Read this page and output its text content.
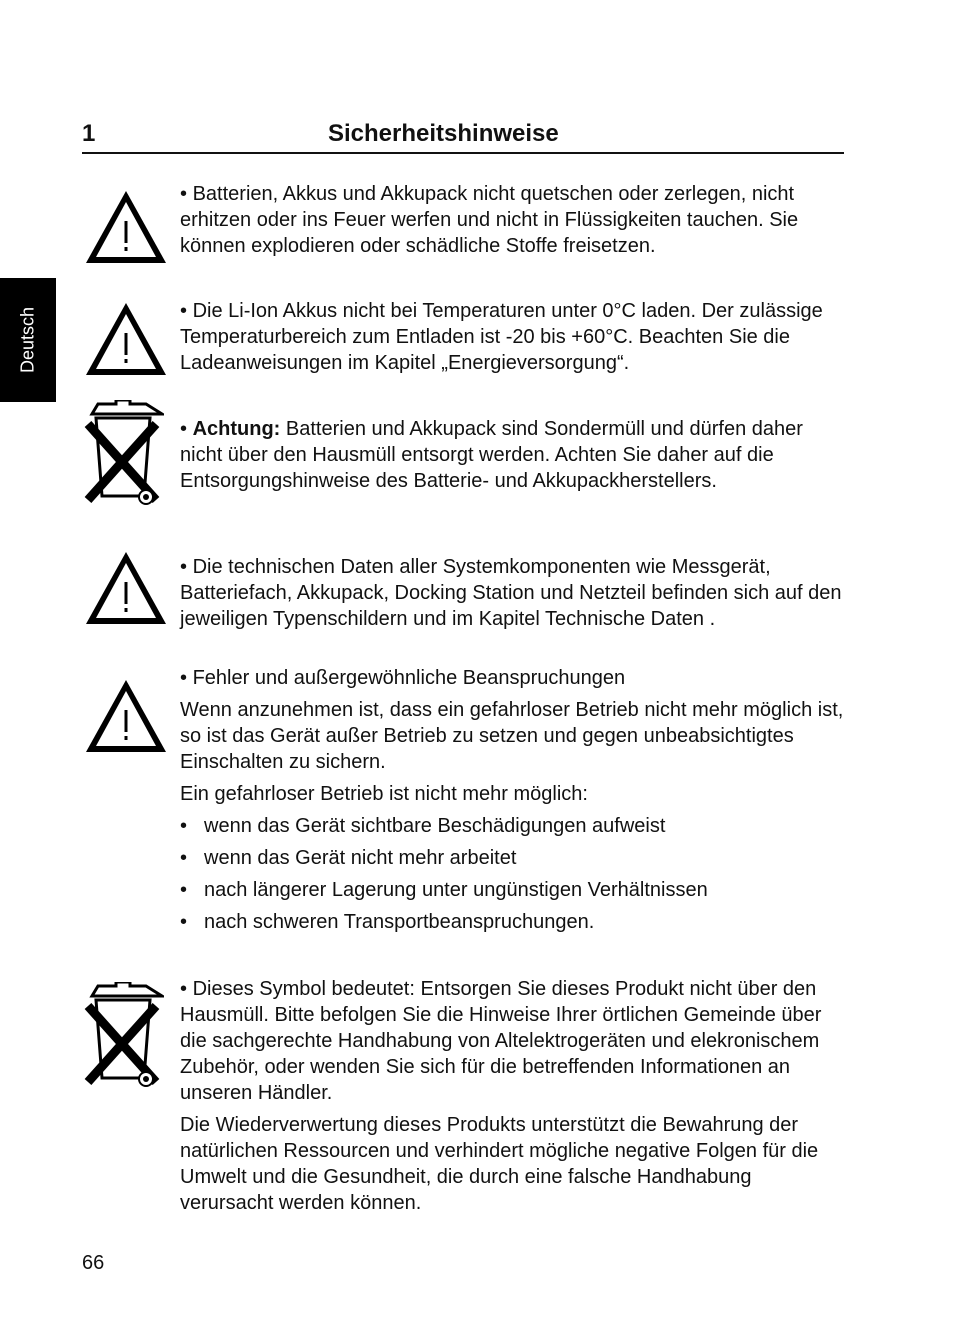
1	Sicherheitshinweise
Deutsch

• Batterien, Akkus und Akkupack nicht quetschen oder zerlegen, nicht erhitzen oder ins Feuer werfen und nicht in Flüssigkeiten tauchen. Sie können explodieren oder schädliche Stoffe freisetzen.

• Die Li-Ion Akkus nicht bei Temperaturen unter 0°C laden. Der zulässige Temperaturbereich zum Entladen ist -20 bis +60°C. Beachten Sie die Ladeanweisungen im Kapitel „Energieversorgung“.

• Achtung: Batterien und Akkupack sind Sondermüll und dürfen daher nicht über den Hausmüll entsorgt werden. Achten Sie daher auf die Entsorgungshinweise des Batterie- und Akkupackherstellers.

• Die technischen Daten aller Systemkomponenten wie Messgerät, Batteriefach, Akkupack, Docking Station und Netzteil befinden sich auf den jeweiligen Typenschildern und im Kapitel Technische Daten .

• Fehler und außergewöhnliche Beanspruchungen

Wenn anzunehmen ist, dass ein gefahrloser Betrieb nicht mehr möglich ist, so ist das Gerät außer Betrieb zu setzen und gegen unbeabsichtigtes Einschalten zu sichern.

Ein gefahrloser Betrieb ist nicht mehr möglich:

• wenn das Gerät sichtbare Beschädigungen aufweist
• wenn das Gerät nicht mehr arbeitet
• nach längerer Lagerung unter ungünstigen Verhältnissen
• nach schweren Transportbeanspruchungen.

• Dieses Symbol bedeutet: Entsorgen Sie dieses Produkt nicht über den Hausmüll. Bitte befolgen Sie die Hinweise Ihrer örtlichen Gemeinde über die sachgerechte Handhabung von Altelektrogeräten und elekronischem Zubehör, oder wenden Sie sich für die betreffenden Informationen an unseren Händler.

Die Wiederverwertung dieses Produkts unterstützt die Bewahrung der natürlichen Ressourcen und verhindert mögliche negative Folgen für die Umwelt und die Gesundheit, die durch eine falsche Handhabung verursacht werden können.

66
